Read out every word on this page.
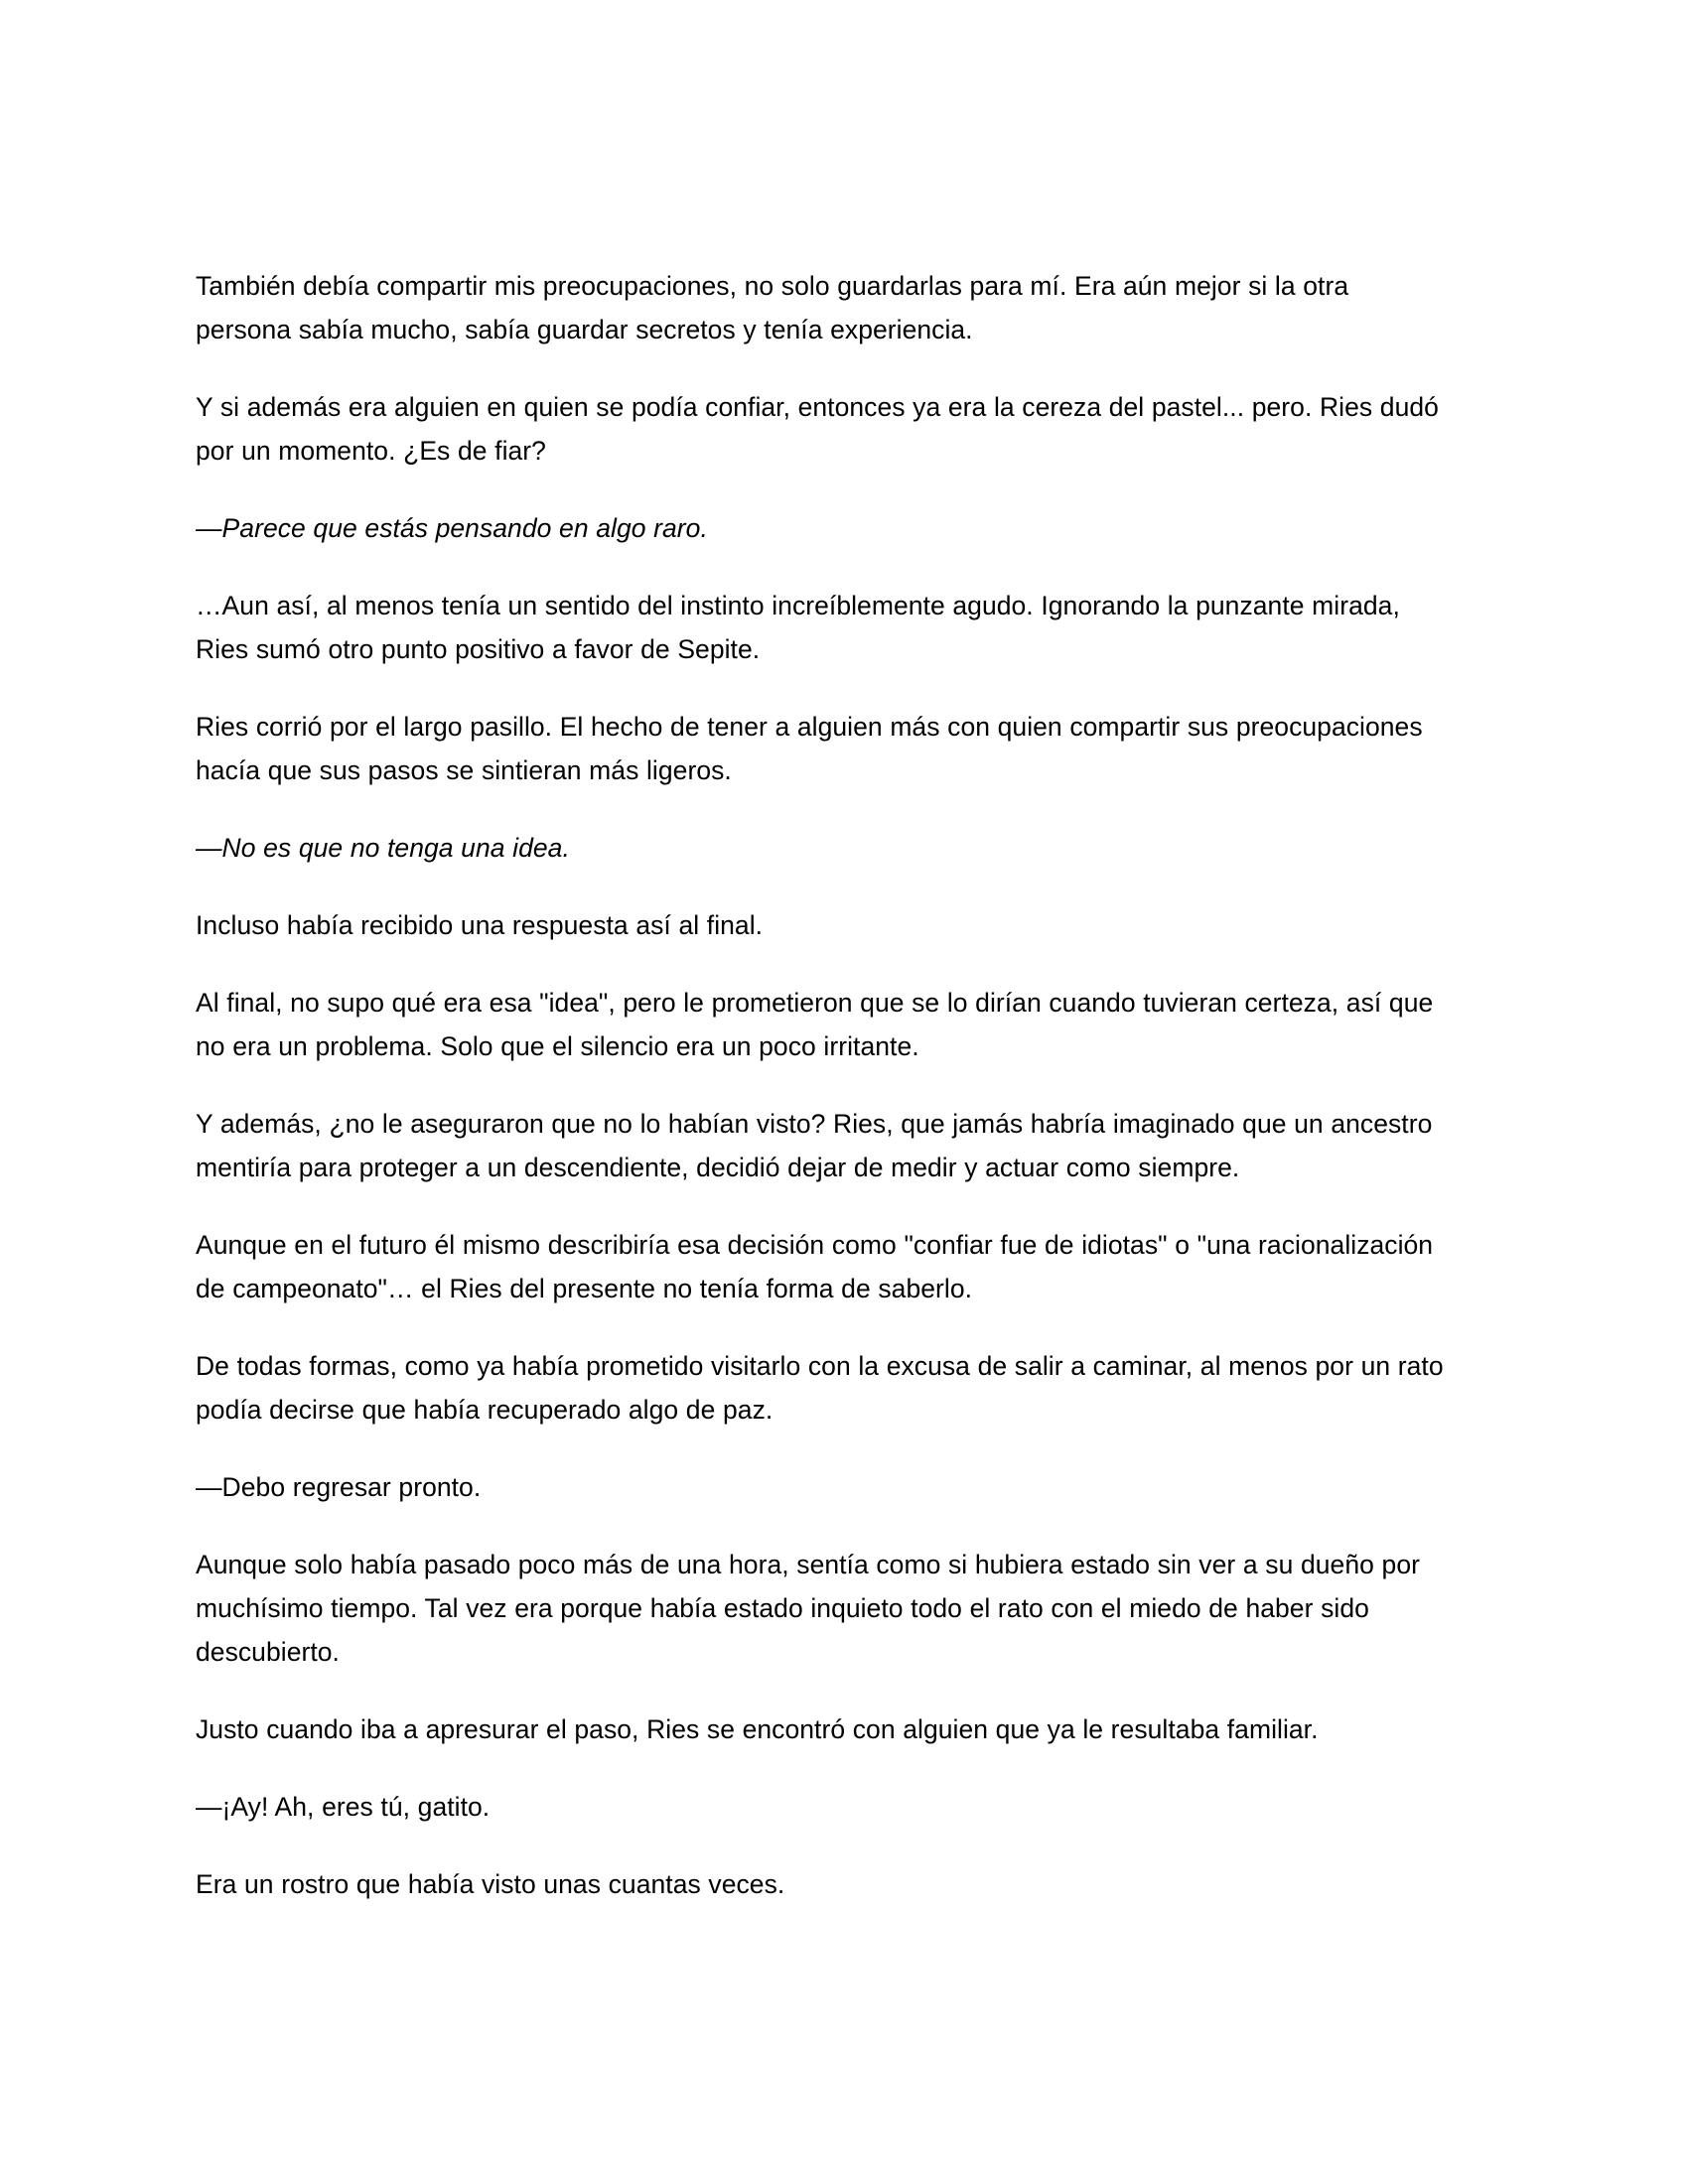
También debía compartir mis preocupaciones, no solo guardarlas para mí. Era aún mejor si la otra persona sabía mucho, sabía guardar secretos y tenía experiencia.

Y si además era alguien en quien se podía confiar, entonces ya era la cereza del pastel... pero. Ries dudó por un momento. ¿Es de fiar?

—Parece que estás pensando en algo raro.

…Aun así, al menos tenía un sentido del instinto increíblemente agudo. Ignorando la punzante mirada, Ries sumó otro punto positivo a favor de Sepite.

Ries corrió por el largo pasillo. El hecho de tener a alguien más con quien compartir sus preocupaciones hacía que sus pasos se sintieran más ligeros.

—No es que no tenga una idea.

Incluso había recibido una respuesta así al final.

Al final, no supo qué era esa "idea", pero le prometieron que se lo dirían cuando tuvieran certeza, así que no era un problema. Solo que el silencio era un poco irritante.

Y además, ¿no le aseguraron que no lo habían visto? Ries, que jamás habría imaginado que un ancestro mentiría para proteger a un descendiente, decidió dejar de medir y actuar como siempre.

Aunque en el futuro él mismo describiría esa decisión como "confiar fue de idiotas" o "una racionalización de campeonato"… el Ries del presente no tenía forma de saberlo.

De todas formas, como ya había prometido visitarlo con la excusa de salir a caminar, al menos por un rato podía decirse que había recuperado algo de paz.

—Debo regresar pronto.

Aunque solo había pasado poco más de una hora, sentía como si hubiera estado sin ver a su dueño por muchísimo tiempo. Tal vez era porque había estado inquieto todo el rato con el miedo de haber sido descubierto.

Justo cuando iba a apresurar el paso, Ries se encontró con alguien que ya le resultaba familiar.

—¡Ay! Ah, eres tú, gatito.

Era un rostro que había visto unas cuantas veces.
